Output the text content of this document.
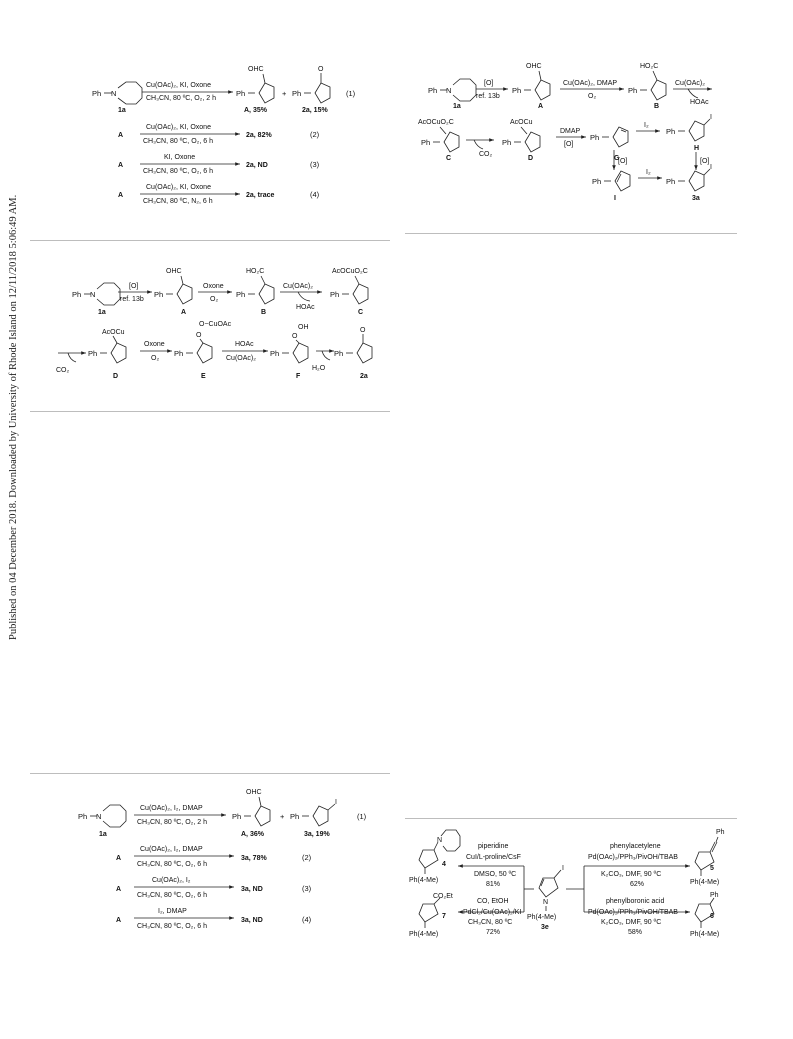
Published on 04 December 2018. Downloaded by University of Rhode Island on 12/11/2018 5:06:49 AM.
Ph N
1a
Cu(OAc)₂, KI, Oxone
CH₃CN, 80 ºC, O₂, 2 h
Ph
OHC
A, 35%
+ Ph
O
2a, 15%
(1)
A
Cu(OAc)₂, KI, Oxone
CH₃CN, 80 ºC, O₂, 6 h
2a, 82%	(2)
A
KI, Oxone
CH₃CN, 80 ºC, O₂, 6 h
2a, ND	(3)
A
Cu(OAc)₂, KI, Oxone
CH₃CN, 80 ºC, N₂, 6 h
2a, trace	(4)
Ph N
1a
[O]
ref. 13b
Ph
OHC
A
Oxone
O₂
Ph
HO₂C
B
Cu(OAc)₂
HOAc
Ph
AcOCuO₂C
C
CO₂
Ph
AcOCu
D
Oxone
O₂
Ph
O−CuOAc
O
E
HOAc
Cu(OAc)₂
Ph
OH
O
F
H₂O
Ph
O
2a
Ph N
1a
[O]
ref. 13b
Ph
OHC
A
Cu(OAc)₂, DMAP
O₂
Ph
HO₂C
B
Cu(OAc)₂
HOAc
AcOCuO₂C
Ph
C
CO₂
AcOCu
Ph
D
DMAP
[O]
Ph
G
I₂
Ph
I
H
[O]	[O]
Ph
I
I₂
Ph
I
3a
Ph N
1a
Cu(OAc)₂, I₂, DMAP
CH₃CN, 80 ºC, O₂, 2 h
Ph
OHC
A, 36%
+ Ph
I
3a, 19%
(1)
A
Cu(OAc)₂, I₂, DMAP
CH₃CN, 80 ºC, O₂, 6 h
3a, 78%	(2)
A
Cu(OAc)₂, I₂
CH₃CN, 80 ºC, O₂, 6 h
3a, ND	(3)
A
I₂, DMAP
CH₃CN, 80 ºC, O₂, 6 h
3a, ND	(4)
I
N
Ph(4-Me)
3e
piperidine
CuI/L-proline/CsF
DMSO, 50 ºC
81%
N
4
Ph(4-Me)
CO, EtOH
PdCl₂/Cu(OAc)₂/KI
CH₃CN, 80 ºC
72%
CO₂Et
7
Ph(4-Me)
phenylacetylene
Pd(OAc)₂/PPh₃/PivOH/TBAB
K₂CO₃, DMF, 90 ºC
62%
Ph
5
Ph(4-Me)
phenylboronic acid
Pd(OAc)₂/PPh₃/PivOH/TBAB
K₂CO₃, DMF, 90 ºC
58%
Ph
6
Ph(4-Me)
